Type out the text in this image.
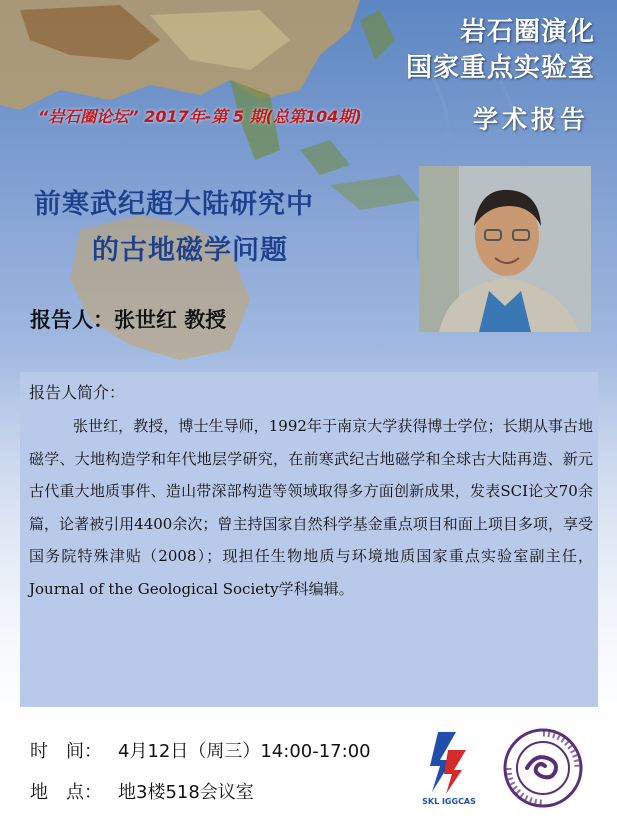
岩石圈演化
国家重点实验室
学术报告
“岩石圈论坛” 2017年-第 5 期(总第104期)
前寒武纪超大陆研究中
的古地磁学问题
报告人：张世红 教授
报告人简介：
张世红，教授，博士生导师，1992年于南京大学获得博士学位；长期从事古地磁学、大地构造学和年代地层学研究，在前寒武纪古地磁学和全球古大陆再造、新元古代重大地质事件、造山带深部构造等领域取得多方面创新成果，发表SCI论文70余篇，论著被引用4400余次；曾主持国家自然科学基金重点项目和面上项目多项，享受国务院特殊津贴（2008）；现担任生物地质与环境地质国家重点实验室副主任，Journal of the Geological Society学科编辑。
时　间： 4月12日（周三）14:00-17:00
地　点： 地3楼518会议室	SKL IGGCAS
